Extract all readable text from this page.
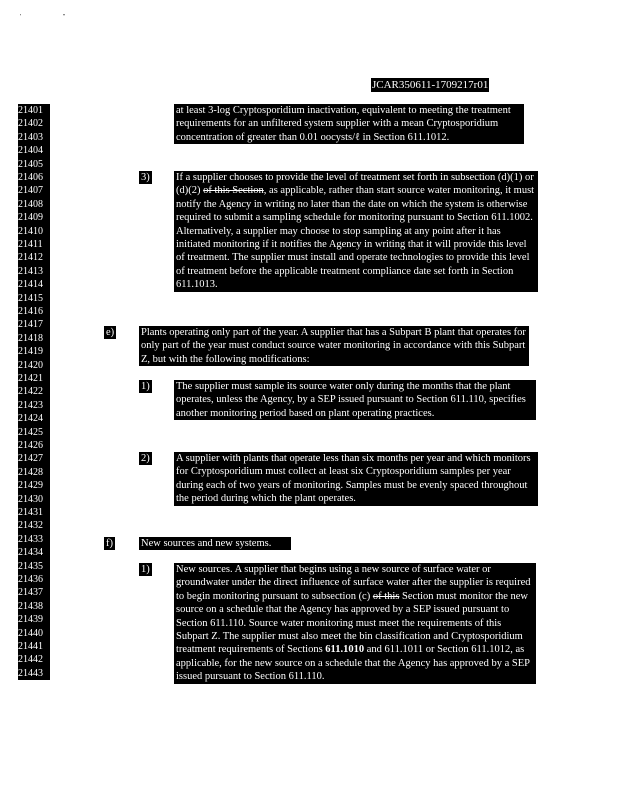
' "
JCAR350611-1709217r01
21401
21402
21403
21404
21405
21406
21407
21408
21409
21410
21411
21412
21413
21414
21415
21416
21417
21418
21419
21420
21421
21422
21423
21424
21425
21426
21427
21428
21429
21430
21431
21432
21433
21434
21435
21436
21437
21438
21439
21440
21441
21442
21443
at least 3-log Cryptosporidium inactivation, equivalent to meeting the treatment requirements for an unfiltered system supplier with a mean Cryptosporidium concentration of greater than 0.01 oocysts/ℓ in Section 611.1012.
3)	If a supplier chooses to provide the level of treatment set forth in subsection (d)(1) or (d)(2) of this Section, as applicable, rather than start source water monitoring, it must notify the Agency in writing no later than the date on which the system is otherwise required to submit a sampling schedule for monitoring pursuant to Section 611.1002. Alternatively, a supplier may choose to stop sampling at any point after it has initiated monitoring if it notifies the Agency in writing that it will provide this level of treatment. The supplier must install and operate technologies to provide this level of treatment before the applicable treatment compliance date set forth in Section 611.1013.
e)	Plants operating only part of the year. A supplier that has a Subpart B plant that operates for only part of the year must conduct source water monitoring in accordance with this Subpart Z, but with the following modifications:
1)	The supplier must sample its source water only during the months that the plant operates, unless the Agency, by a SEP issued pursuant to Section 611.110, specifies another monitoring period based on plant operating practices.
2)	A supplier with plants that operate less than six months per year and which monitors for Cryptosporidium must collect at least six Cryptosporidium samples per year during each of two years of monitoring. Samples must be evenly spaced throughout the period during which the plant operates.
f)	New sources and new systems.
1)	New sources. A supplier that begins using a new source of surface water or groundwater under the direct influence of surface water after the supplier is required to begin monitoring pursuant to subsection (c) of this Section must monitor the new source on a schedule that the Agency has approved by a SEP issued pursuant to Section 611.110. Source water monitoring must meet the requirements of this Subpart Z. The supplier must also meet the bin classification and Cryptosporidium treatment requirements of Sections 611.1010 and 611.1011 or Section 611.1012, as applicable, for the new source on a schedule that the Agency has approved by a SEP issued pursuant to Section 611.110.
